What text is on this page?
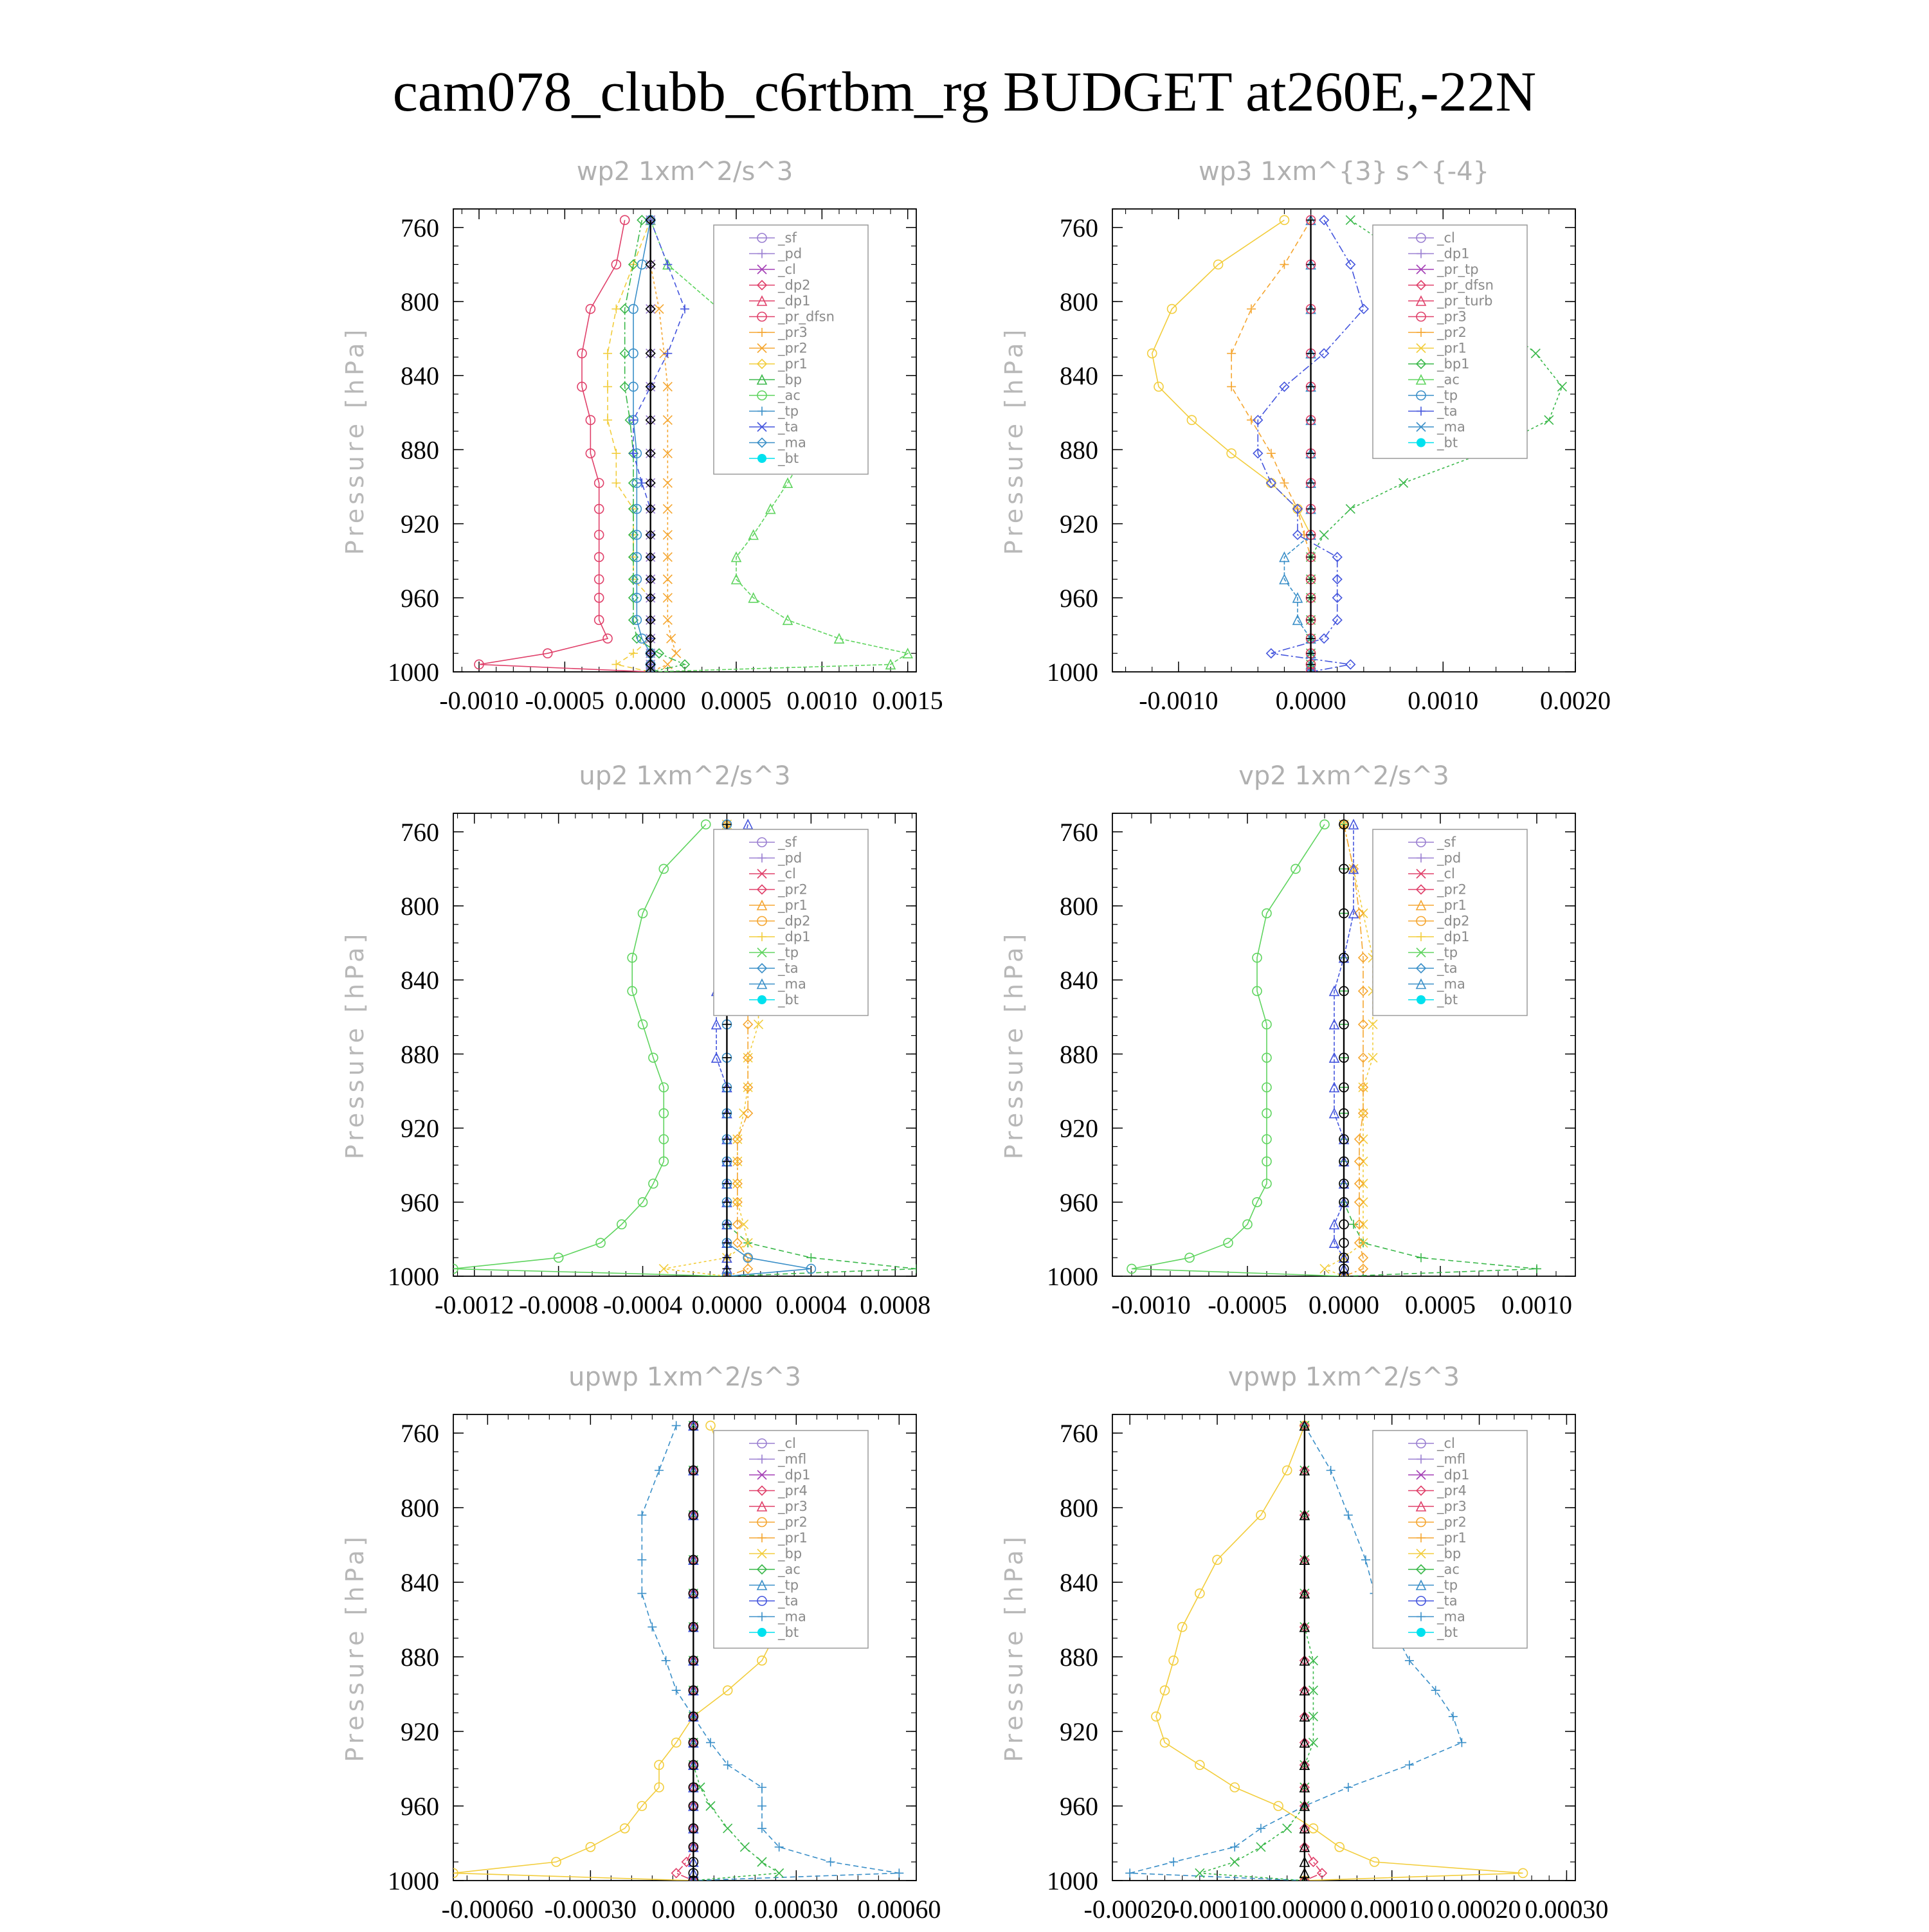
cam078_clubb_c6rtbm_rg BUDGET at260E,-22N
wp2 1xm^2/s^3
Pressure [hPa]
760
800
840
880
920
960
1000
-0.0010 -0.0005 0.0000 0.0005 0.0010 0.0015
_sf
_pd
_cl
_dp2
_dp1
_pr_dfsn
_pr3
_pr2
_pr1
_bp
_ac
_tp
_ta
_ma
_bt
wp3 1xm^{3} s^{-4}
Pressure [hPa]
760
800
840
880
920
960
1000
-0.0010 0.0000 0.0010 0.0020
_cl
_dp1
_pr_tp
_pr_dfsn
_pr_turb
_pr3
_pr2
_pr1
_bp1
_ac
_tp
_ta
_ma
_bt
up2 1xm^2/s^3
Pressure [hPa]
760
800
840
880
920
960
1000
-0.0012 -0.0008 -0.0004 0.0000 0.0004 0.0008
_sf
_pd
_cl
_pr2
_pr1
_dp2
_dp1
_tp
_ta
_ma
_bt
vp2 1xm^2/s^3
Pressure [hPa]
760
800
840
880
920
960
1000
-0.0010 -0.0005 0.0000 0.0005 0.0010
_sf
_pd
_cl
_pr2
_pr1
_dp2
_dp1
_tp
_ta
_ma
_bt
upwp 1xm^2/s^3
Pressure [hPa]
760
800
840
880
920
960
1000
-0.00060 -0.00030 0.00000 0.00030 0.00060
_cl
_mfl
_dp1
_pr4
_pr3
_pr2
_pr1
_bp
_ac
_tp
_ta
_ma
_bt
vpwp 1xm^2/s^3
Pressure [hPa]
760
800
840
880
920
960
1000
-0.00020
-0.00010 0.00000 0.00010 0.00020 0.00030
_cl
_mfl
_dp1
_pr4
_pr3
_pr2
_pr1
_bp
_ac
_tp
_ta
_ma
_bt
